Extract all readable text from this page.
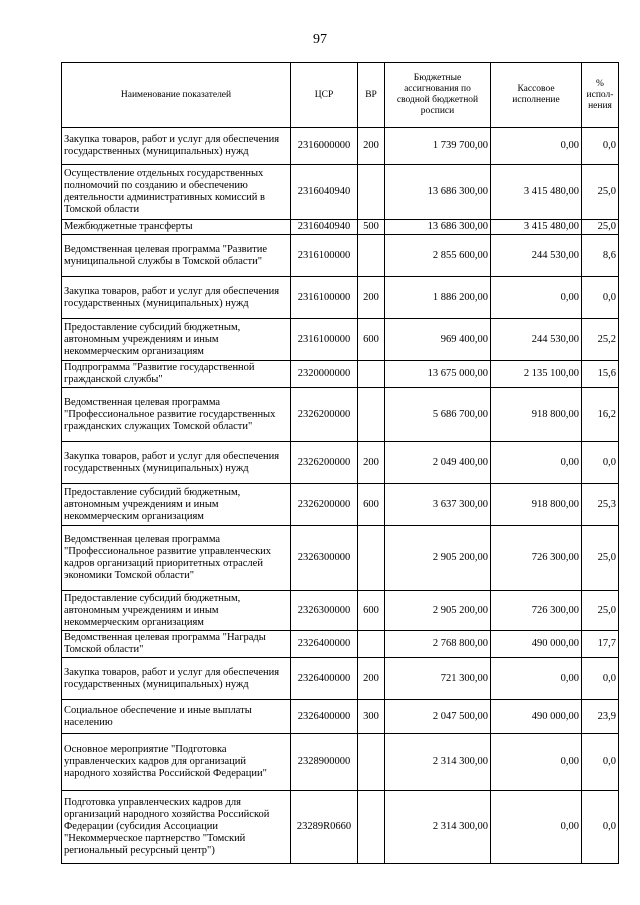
97
Наименование показателей	ЦСР	ВР	Бюджетные ассигнования по сводной бюджетной росписи	Кассовое исполнение	% испол-нения
Закупка товаров, работ и услуг для обеспечения государственных (муниципальных) нужд	2316000000	200	1 739 700,00	0,00	0,0
Осуществление отдельных государственных полномочий по созданию и обеспечению деятельности административных комиссий в Томской области	2316040940		13 686 300,00	3 415 480,00	25,0
Межбюджетные трансферты	2316040940	500	13 686 300,00	3 415 480,00	25,0
Ведомственная целевая программа "Развитие муниципальной службы в Томской области"	2316100000		2 855 600,00	244 530,00	8,6
Закупка товаров, работ и услуг для обеспечения государственных (муниципальных) нужд	2316100000	200	1 886 200,00	0,00	0,0
Предоставление субсидий бюджетным, автономным учреждениям и иным некоммерческим организациям	2316100000	600	969 400,00	244 530,00	25,2
Подпрограмма "Развитие государственной гражданской службы"	2320000000		13 675 000,00	2 135 100,00	15,6
Ведомственная целевая программа "Профессиональное развитие государственных гражданских служащих Томской области"	2326200000		5 686 700,00	918 800,00	16,2
Закупка товаров, работ и услуг для обеспечения государственных (муниципальных) нужд	2326200000	200	2 049 400,00	0,00	0,0
Предоставление субсидий бюджетным, автономным учреждениям и иным некоммерческим организациям	2326200000	600	3 637 300,00	918 800,00	25,3
Ведомственная целевая программа "Профессиональное развитие управленческих кадров организаций приоритетных отраслей экономики Томской области"	2326300000		2 905 200,00	726 300,00	25,0
Предоставление субсидий бюджетным, автономным учреждениям и иным некоммерческим организациям	2326300000	600	2 905 200,00	726 300,00	25,0
Ведомственная целевая программа "Награды Томской области"	2326400000		2 768 800,00	490 000,00	17,7
Закупка товаров, работ и услуг для обеспечения государственных (муниципальных) нужд	2326400000	200	721 300,00	0,00	0,0
Социальное обеспечение и иные выплаты населению	2326400000	300	2 047 500,00	490 000,00	23,9
Основное мероприятие "Подготовка управленческих кадров для организаций народного хозяйства Российской Федерации"	2328900000		2 314 300,00	0,00	0,0
Подготовка управленческих кадров для организаций народного хозяйства Российской Федерации (субсидия Ассоциации "Некоммерческое партнерство "Томский региональный ресурсный центр")	23289R0660		2 314 300,00	0,00	0,0
